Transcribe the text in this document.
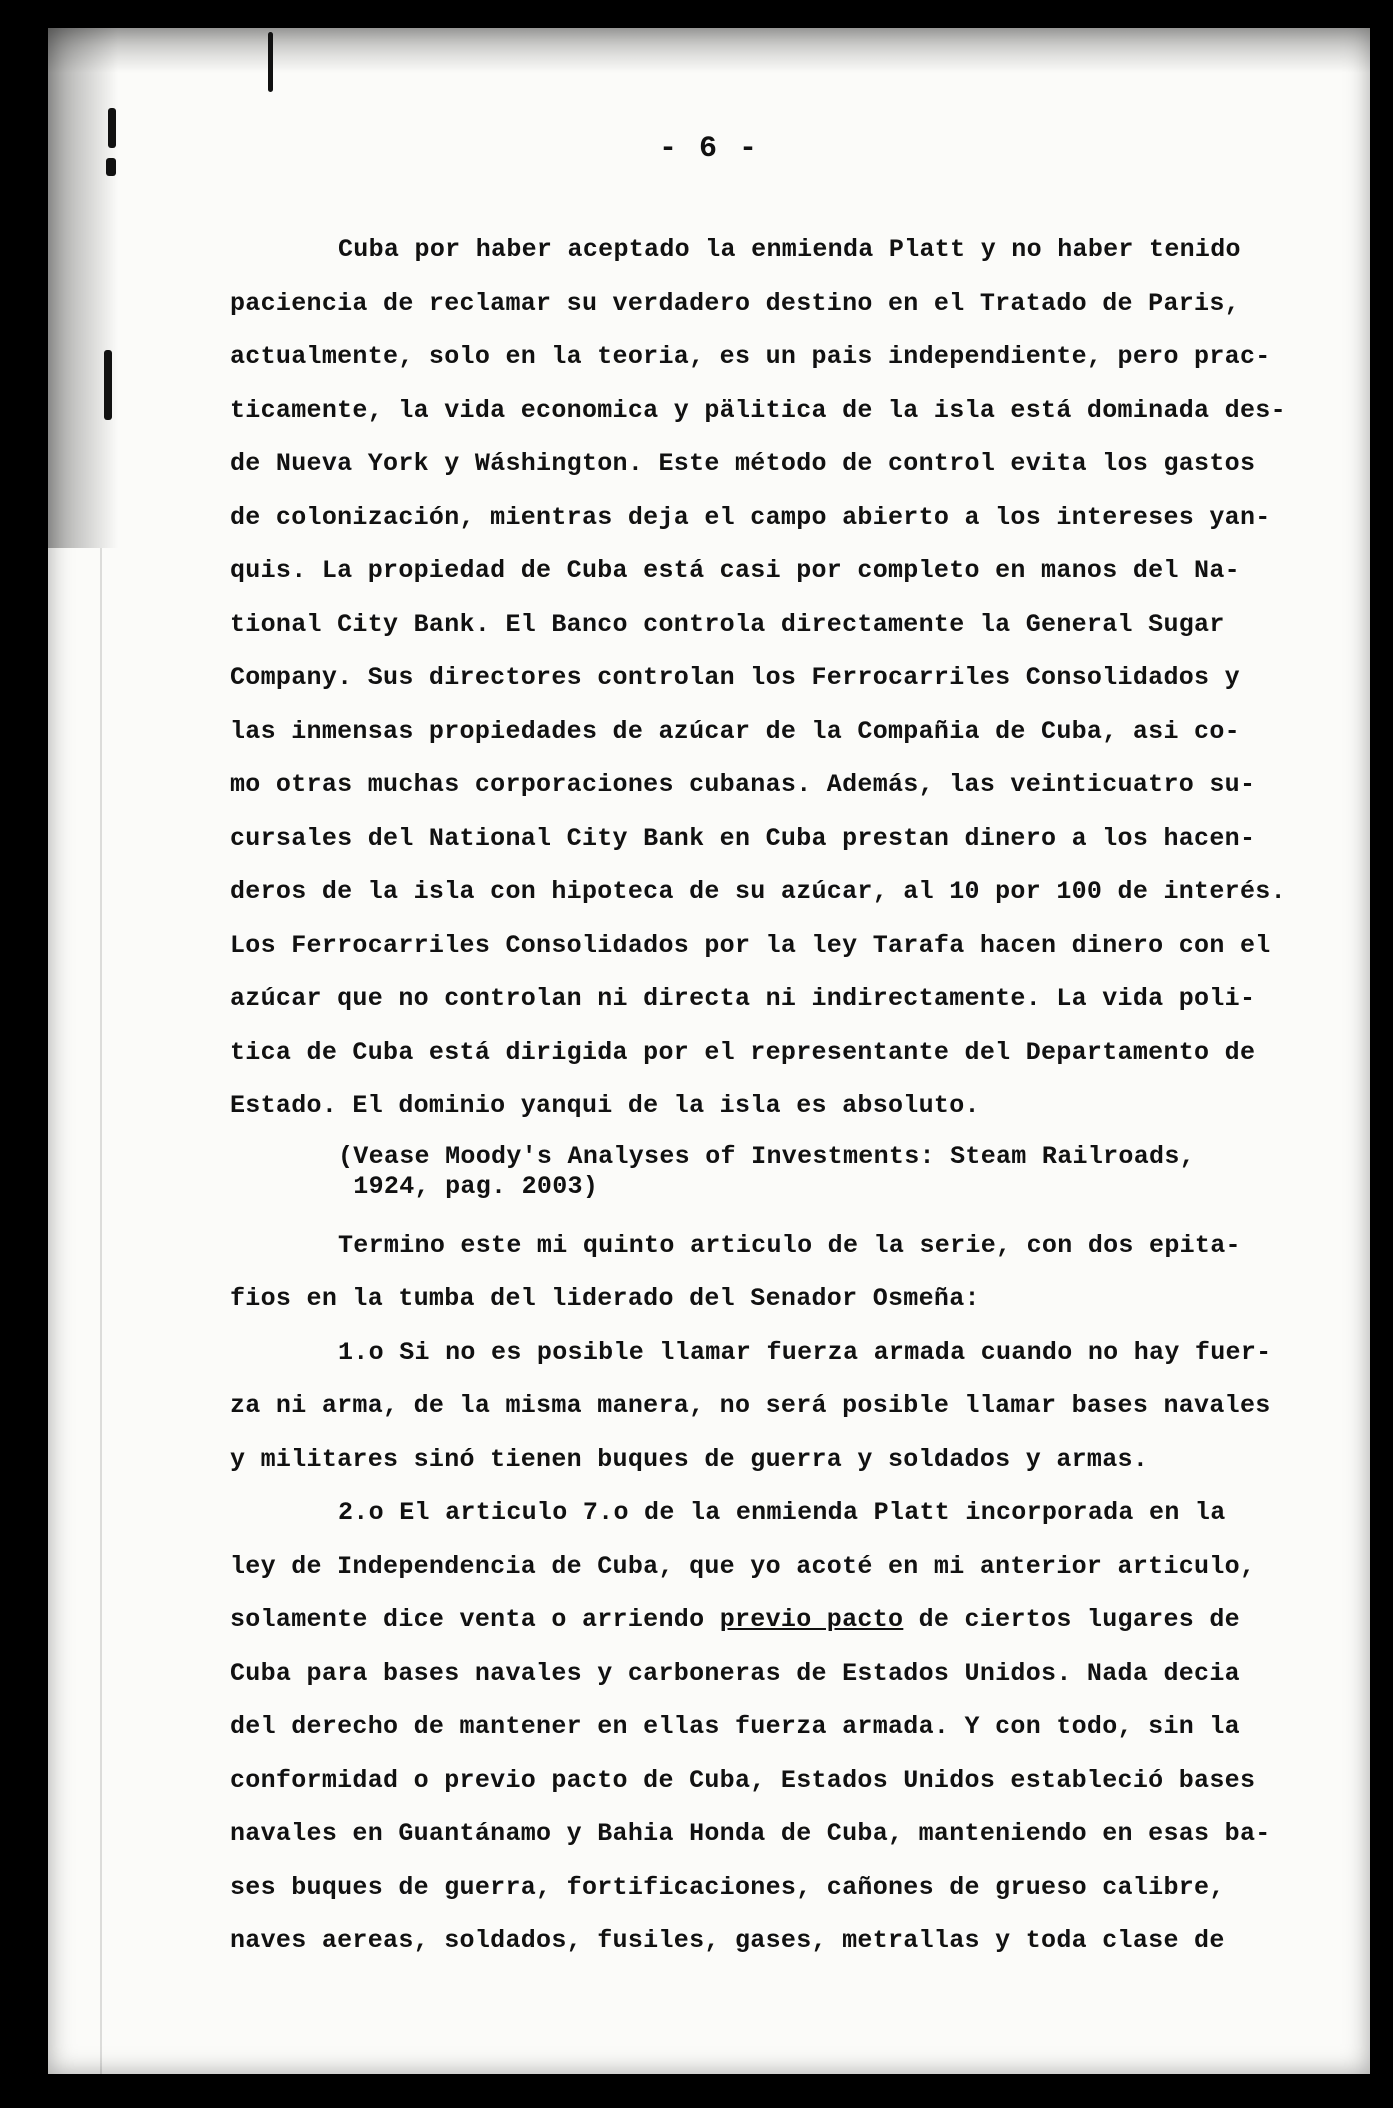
- 6 -
Cuba por haber aceptado la enmienda Platt y no haber tenido
paciencia de reclamar su verdadero destino en el Tratado de Paris,
actualmente, solo en la teoria, es un pais independiente, pero prac-
ticamente, la vida economica y pälitica de la isla está dominada des-
de Nueva York y Wáshington. Este método de control evita los gastos
de colonización, mientras deja el campo abierto a los intereses yan-
quis. La propiedad de Cuba está casi por completo en manos del Na-
tional City Bank. El Banco controla directamente la General Sugar
Company. Sus directores controlan los Ferrocarriles Consolidados y
las inmensas propiedades de azúcar de la Compañia de Cuba, asi co-
mo otras muchas corporaciones cubanas. Además, las veinticuatro su-
cursales del National City Bank en Cuba prestan dinero a los hacen-
deros de la isla con hipoteca de su azúcar, al 10 por 100 de interés.
Los Ferrocarriles Consolidados por la ley Tarafa hacen dinero con el
azúcar que no controlan ni directa ni indirectamente. La vida poli-
tica de Cuba está dirigida por el representante del Departamento de
Estado. El dominio yanqui de la isla es absoluto.
(Vease Moody's Analyses of Investments: Steam Railroads,
1924, pag. 2003)
Termino este mi quinto articulo de la serie, con dos epita-
fios en la tumba del liderado del Senador Osmeña:
1.o Si no es posible llamar fuerza armada cuando no hay fuer-
za ni arma, de la misma manera, no será posible llamar bases navales
y militares sinó tienen buques de guerra y soldados y armas.
2.o El articulo 7.o de la enmienda Platt incorporada en la
ley de Independencia de Cuba, que yo acoté en mi anterior articulo,
solamente dice venta o arriendo previo pacto de ciertos lugares de
Cuba para bases navales y carboneras de Estados Unidos. Nada decia
del derecho de mantener en ellas fuerza armada. Y con todo, sin la
conformidad o previo pacto de Cuba, Estados Unidos estableció bases
navales en Guantánamo y Bahia Honda de Cuba, manteniendo en esas ba-
ses buques de guerra, fortificaciones, cañones de grueso calibre,
naves aereas, soldados, fusiles, gases, metrallas y toda clase de
